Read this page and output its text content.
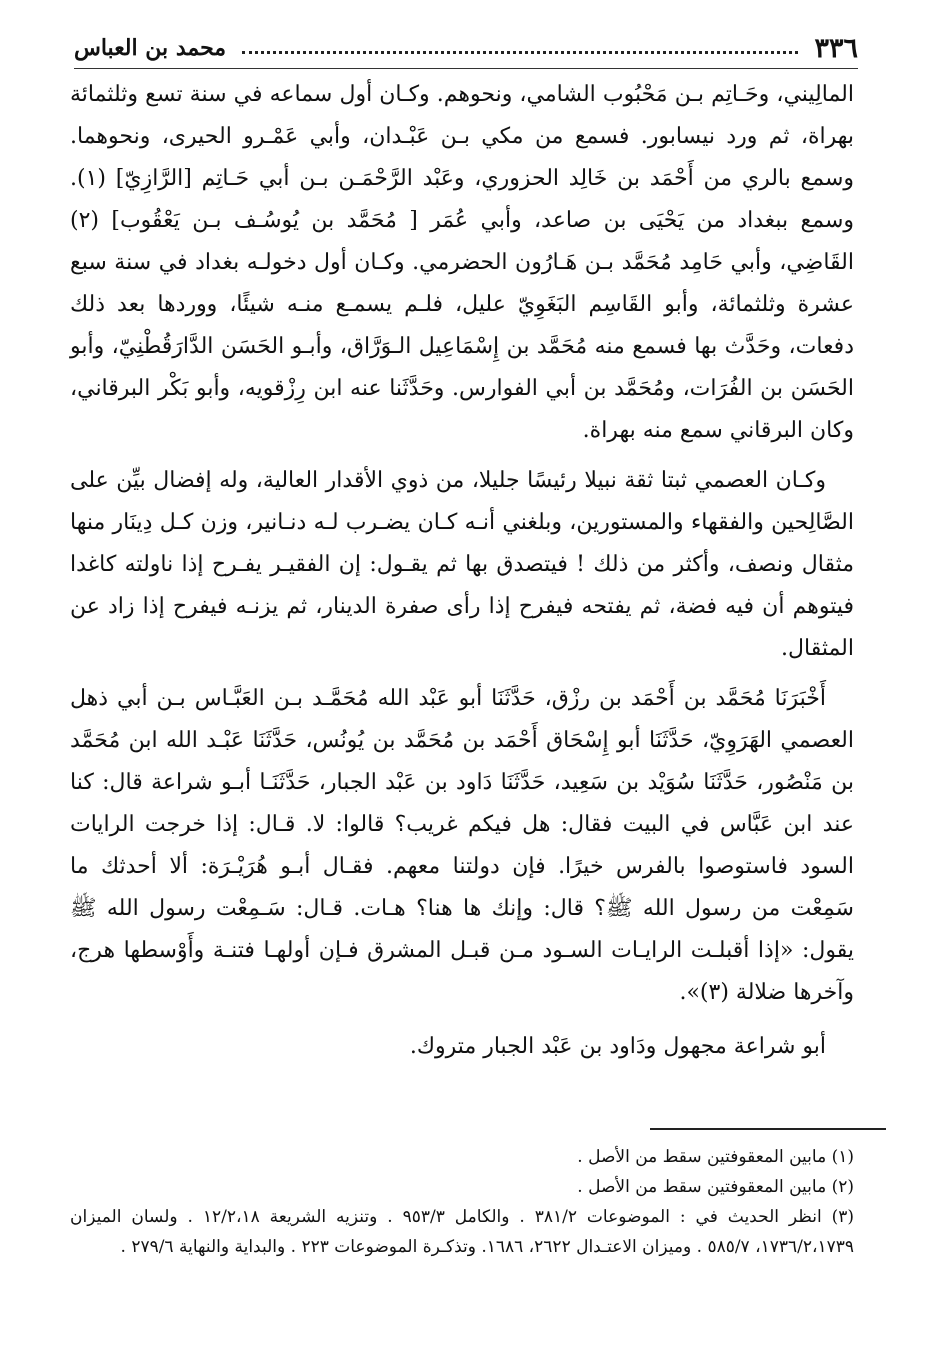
٣٣٦
محمد بن العباس

المالِيني، وحَـاتِم بـن مَحْبُوب الشامي، ونحوهم. وكـان أول سماعه في سنة تسع وثلثمائة بهراة، ثم ورد نيسابور. فسمع من مكي بـن عَبْـدان، وأبي عَمْـرو الحيرى، ونحوهما. وسمع بالري من أَحْمَد بن خَالِد الحزوري، وعَبْد الرَّحْمَـن بـن أبي حَـاتِم [الرَّازِيّ] (١). وسمع ببغداد من يَحْيَى بن صاعد، وأبي عُمَر [ مُحَمَّد بن يُوسُـف بـن يَعْقُوب] (٢) القَاضِي، وأبي حَامِد مُحَمَّد بـن هَـارُون الحضرمي. وكـان أول دخولـه بغداد في سنة سبع عشرة وثلثمائة، وأبو القَاسِم البَغَوِيّ عليل، فلـم يسمـع منـه شيئًا، ووردها بعد ذلك دفعات، وحَدَّث بها فسمع منه مُحَمَّد بن إِسْمَاعِيل الـوَرَّاق، وأبـو الحَسَن الدَّارَقُطْنِيّ، وأبو الحَسَن بن الفُرَات، ومُحَمَّد بن أبي الفوارس. وحَدَّثَنا عنه ابن رِزْقويه، وأبو بَكْر البرقاني، وكان البرقاني سمع منه بهراة.

وكـان العصمي ثبتا ثقة نبيلا رئيسًا جليلا، من ذوي الأقدار العالية، وله إفضال بيِّن على الصَّالِحين والفقهاء والمستورين، وبلغني أنـه كـان يضـرب لـه دنـانير، وزن كـل دِينَار منها مثقال ونصف، وأكثر من ذلك ! فيتصدق بها ثم يقـول: إن الفقيـر يفـرح إذا ناولته كاغدا فيتوهم أن فيه فضة، ثم يفتحه فيفرح إذا رأى صفرة الدينار، ثم يزنـه فيفرح إذا زاد عن المثقال.

أَخْبَرَنَا مُحَمَّد بن أَحْمَد بن رزْق، حَدَّثَنَا أبو عَبْد الله مُحَمَّـد بـن العَبَّـاس بـن أبي ذهل العصمي الهَرَوِيّ، حَدَّثَنَا أبو إِسْحَاق أَحْمَد بن مُحَمَّد بن يُونُس، حَدَّثَنَا عَبْـد الله ابن مُحَمَّد بن مَنْصُور، حَدَّثَنَا سُوَيْد بن سَعِيد، حَدَّثَنَا دَاود بن عَبْد الجبار، حَدَّثَنَـا أبـو شراعة قال: كنا عند ابن عَبَّاس في البيت فقال: هل فيكم غريب؟ قالوا: لا. قـال: إذا خرجت الرايات السود فاستوصوا بالفرس خيرًا. فإن دولتنا معهم. فقـال أبـو هُرَيْـرَة: ألا أحدثك ما سَمِعْت من رسول الله ﷺ؟ قال: وإنك ها هنا؟ هـات. قـال: سَـمِعْت رسول الله ﷺ يقول: «إذا أقبلـت الرايـات السـود مـن قبـل المشرق فـإن أولهـا فتنـة وأَوْسطها هرج، وآخرها ضلالة (٣)».

أبو شراعة مجهول ودَاود بن عَبْد الجبار متروك.

(١) مابين المعقوفتين سقط من الأصل .

(٢) مابين المعقوفتين سقط من الأصل .

(٣) انظر الحديث في : الموضوعات ٣٨١/٢ . والكامل ٩٥٣/٣ . وتنزيه الشريعة ١٢/٢،١٨ . ولسان الميزان ١٧٣٦/٢،١٧٣٩، ٥٨٥/٧ . وميزان الاعتـدال ٢٦٢٢، ١٦٨٦. وتذكـرة الموضوعات ٢٢٣ . والبداية والنهاية ٢٧٩/٦ .
